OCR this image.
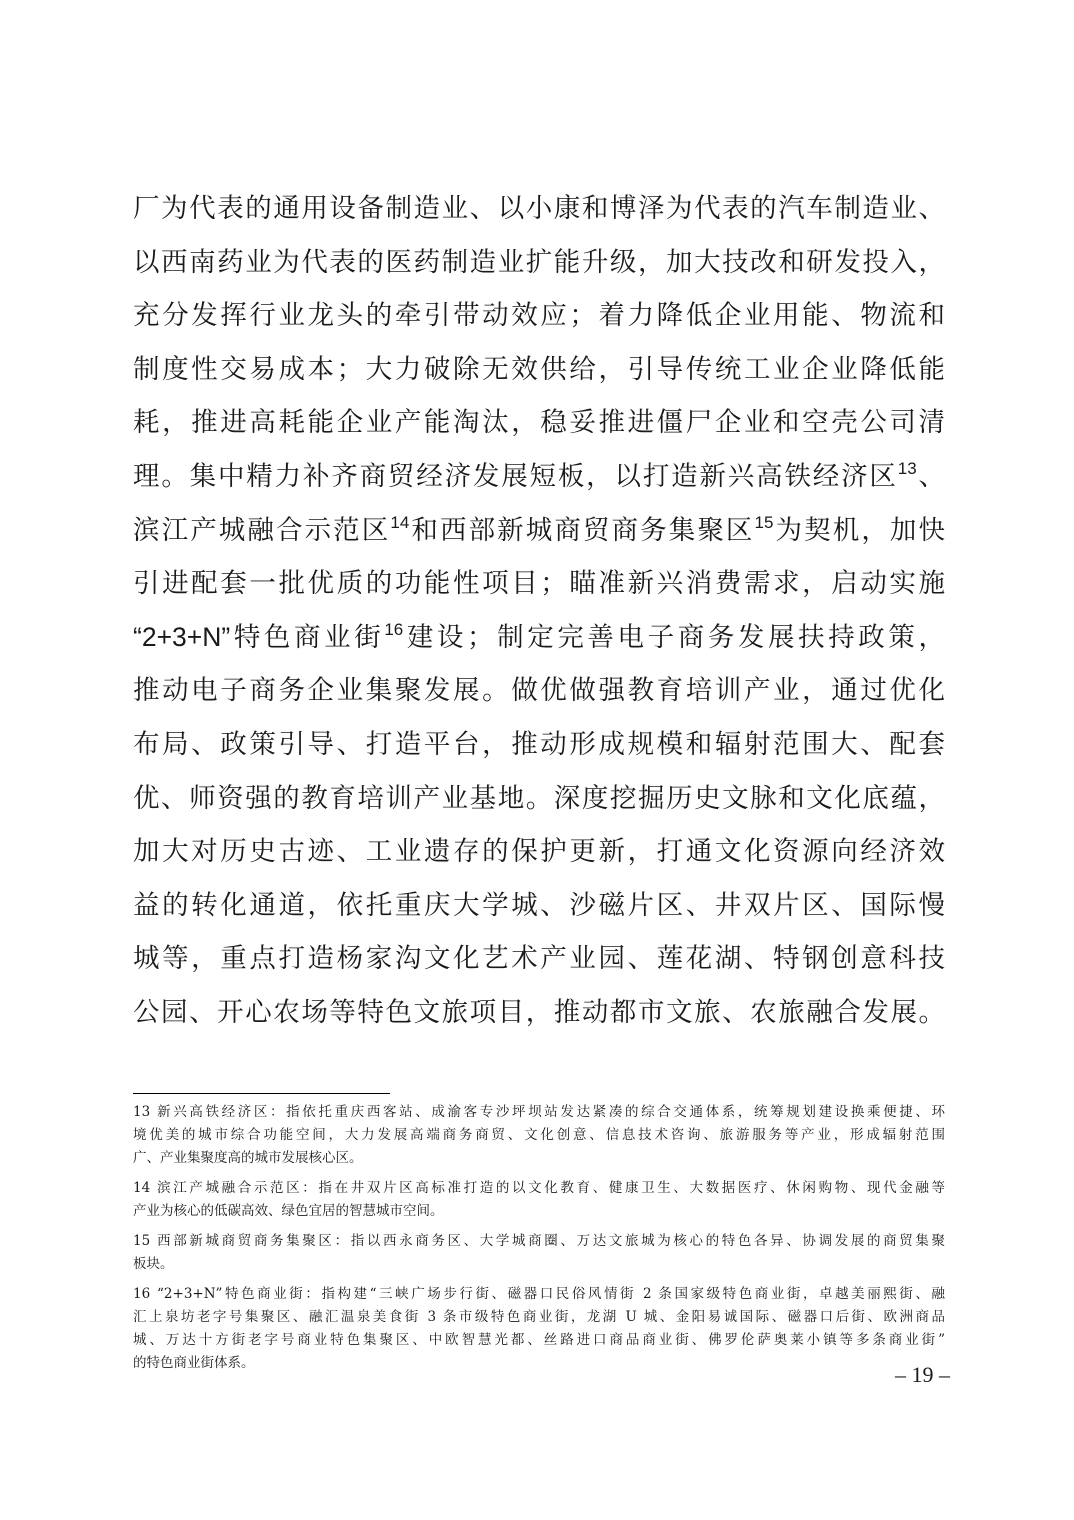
厂为代表的通用设备制造业、以小康和博泽为代表的汽车制造业、
以西南药业为代表的医药制造业扩能升级，加大技改和研发投入，
充分发挥行业龙头的牵引带动效应；着力降低企业用能、物流和
制度性交易成本；大力破除无效供给，引导传统工业企业降低能
耗，推进高耗能企业产能淘汰，稳妥推进僵尸企业和空壳公司清
理。集中精力补齐商贸经济发展短板，以打造新兴高铁经济区$^{13}$、
滨江产城融合示范区$^{14}$和西部新城商贸商务集聚区$^{15}$为契机，加快
引进配套一批优质的功能性项目；瞄准新兴消费需求，启动实施
“2+3+N”特色商业街$^{16}$建设；制定完善电子商务发展扶持政策，
推动电子商务企业集聚发展。做优做强教育培训产业，通过优化
布局、政策引导、打造平台，推动形成规模和辐射范围大、配套
优、师资强的教育培训产业基地。深度挖掘历史文脉和文化底蕴，
加大对历史古迹、工业遗存的保护更新，打通文化资源向经济效
益的转化通道，依托重庆大学城、沙磁片区、井双片区、国际慢
城等，重点打造杨家沟文化艺术产业园、莲花湖、特钢创意科技
公园、开心农场等特色文旅项目，推动都市文旅、农旅融合发展。
13 新兴高铁经济区：指依托重庆西客站、成渝客专沙坪坝站发达紧凑的综合交通体系，统筹规划建设换乘便捷、环
境优美的城市综合功能空间，大力发展高端商务商贸、文化创意、信息技术咨询、旅游服务等产业，形成辐射范围
广、产业集聚度高的城市发展核心区。
14 滨江产城融合示范区：指在井双片区高标准打造的以文化教育、健康卫生、大数据医疗、休闲购物、现代金融等
产业为核心的低碳高效、绿色宜居的智慧城市空间。
15 西部新城商贸商务集聚区：指以西永商务区、大学城商圈、万达文旅城为核心的特色各异、协调发展的商贸集聚
板块。
16 “2+3+N”特色商业街：指构建“三峡广场步行街、磁器口民俗风情街 2 条国家级特色商业街，卓越美丽熙街、融
汇上泉坊老字号集聚区、融汇温泉美食街 3 条市级特色商业街，龙湖 U 城、金阳易诚国际、磁器口后街、欧洲商品
城、万达十方街老字号商业特色集聚区、中欧智慧光都、丝路进口商品商业街、佛罗伦萨奥莱小镇等多条商业街”
的特色商业街体系。	– 19 –
